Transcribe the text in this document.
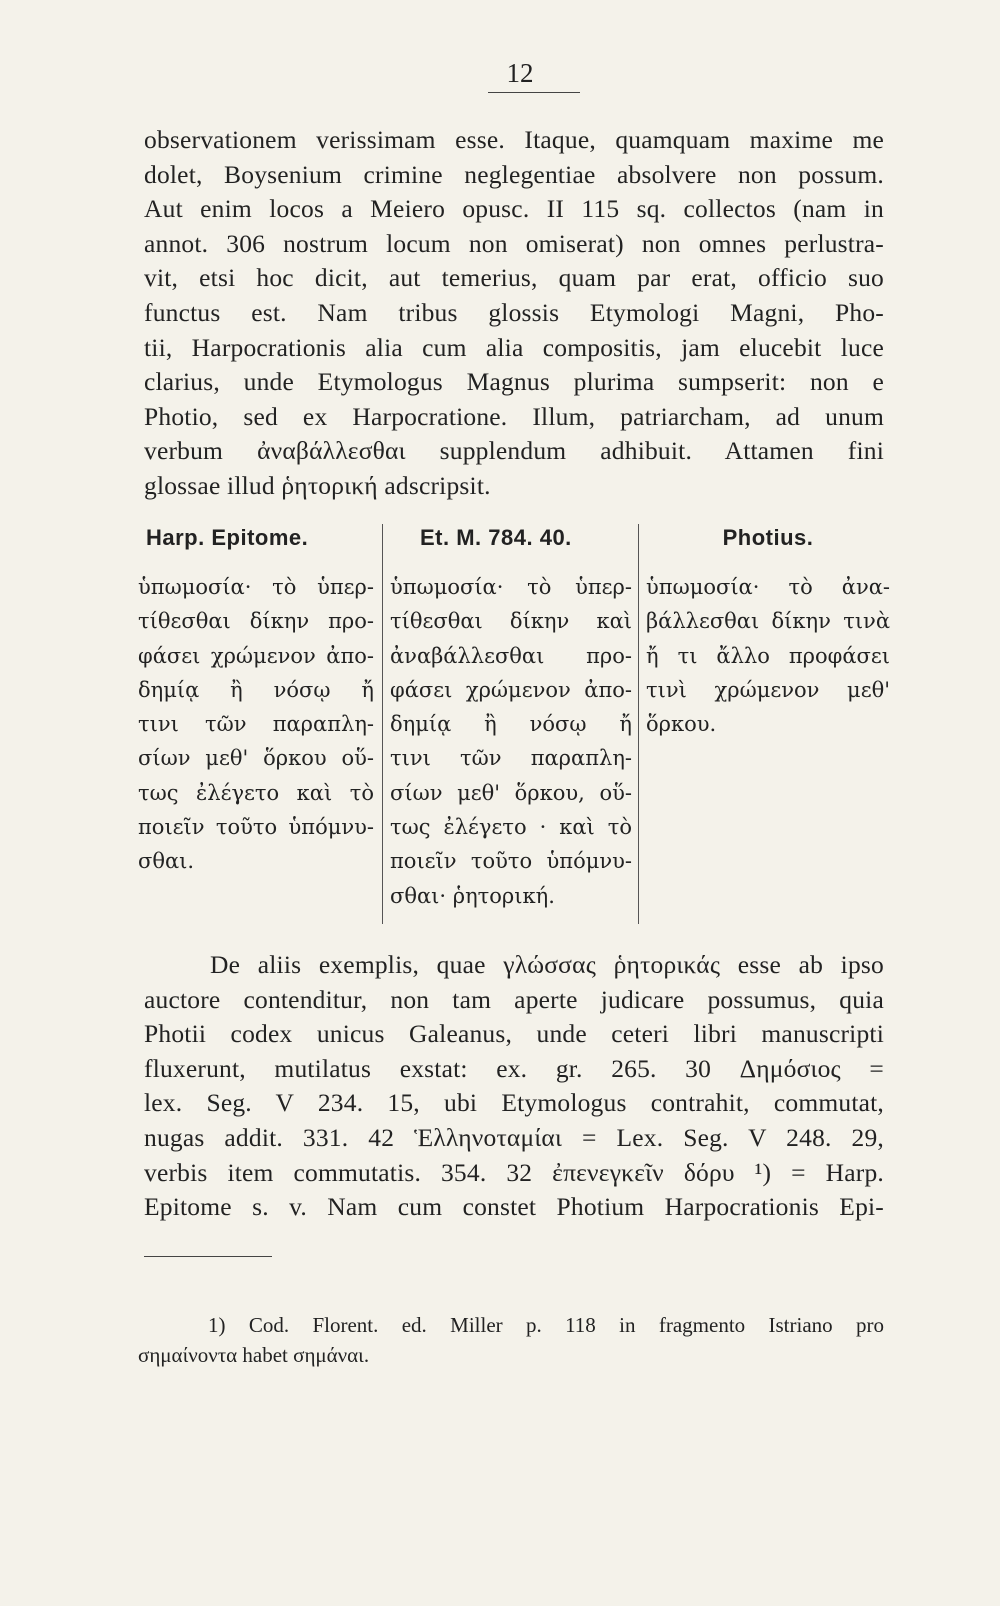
12
observationem verissimam esse. Itaque, quamquam maxime me
dolet, Boysenium crimine neglegentiae absolvere non possum.
Aut enim locos a Meiero opusc. II 115 sq. collectos (nam in
annot. 306 nostrum locum non omiserat) non omnes perlustra-
vit, etsi hoc dicit, aut temerius, quam par erat, officio suo
functus est. Nam tribus glossis Etymologi Magni, Pho-
tii, Harpocrationis alia cum alia compositis, jam elucebit luce
clarius, unde Etymologus Magnus plurima sumpserit: non e
Photio, sed ex Harpocratione. Illum, patriarcham, ad unum
verbum ἀναβάλλεσθαι supplendum adhibuit. Attamen fini
glossae illud ῥητορική adscripsit.
Harp. Epitome.
ὑπωμοσία· τὸ ὑπερ-
τίθεσθαι δίκην προ-
φάσει χρώμενον ἀπο-
δημίᾳ ἢ νόσῳ ἤ
τινι τῶν παραπλη-
σίων μεθ' ὅρκου οὕ-
τως ἐλέγετο καὶ τὸ
ποιεῖν τοῦτο ὑπόμνυ-
σθαι.
Et. M. 784. 40.
ὑπωμοσία· τὸ ὑπερ-
τίθεσθαι δίκην καὶ
ἀναβάλλεσθαι προ-
φάσει χρώμενον ἀπο-
δημίᾳ ἢ νόσῳ ἤ
τινι τῶν παραπλη-
σίων μεθ' ὅρκου, οὕ-
τως ἐλέγετο · καὶ τὸ
ποιεῖν τοῦτο ὑπόμνυ-
σθαι· ῥητορική.
Photius.
ὑπωμοσία· τὸ ἀνα-
βάλλεσθαι δίκην τινὰ
ἤ τι ἄλλο προφάσει
τινὶ χρώμενον μεθ'
ὅρκου.
De aliis exemplis, quae γλώσσας ῥητορικάς esse ab ipso
auctore contenditur, non tam aperte judicare possumus, quia
Photii codex unicus Galeanus, unde ceteri libri manuscripti
fluxerunt, mutilatus exstat: ex. gr. 265. 30 Δημόσιος =
lex. Seg. V 234. 15, ubi Etymologus contrahit, commutat,
nugas addit. 331. 42 Ἑλληνοταμίαι = Lex. Seg. V 248. 29,
verbis item commutatis. 354. 32 ἐπενεγκεῖν δόρυ ¹) = Harp.
Epitome s. v. Nam cum constet Photium Harpocrationis Epi-
1) Cod. Florent. ed. Miller p. 118 in fragmento Istriano pro
σημαίνοντα habet σημάναι.
